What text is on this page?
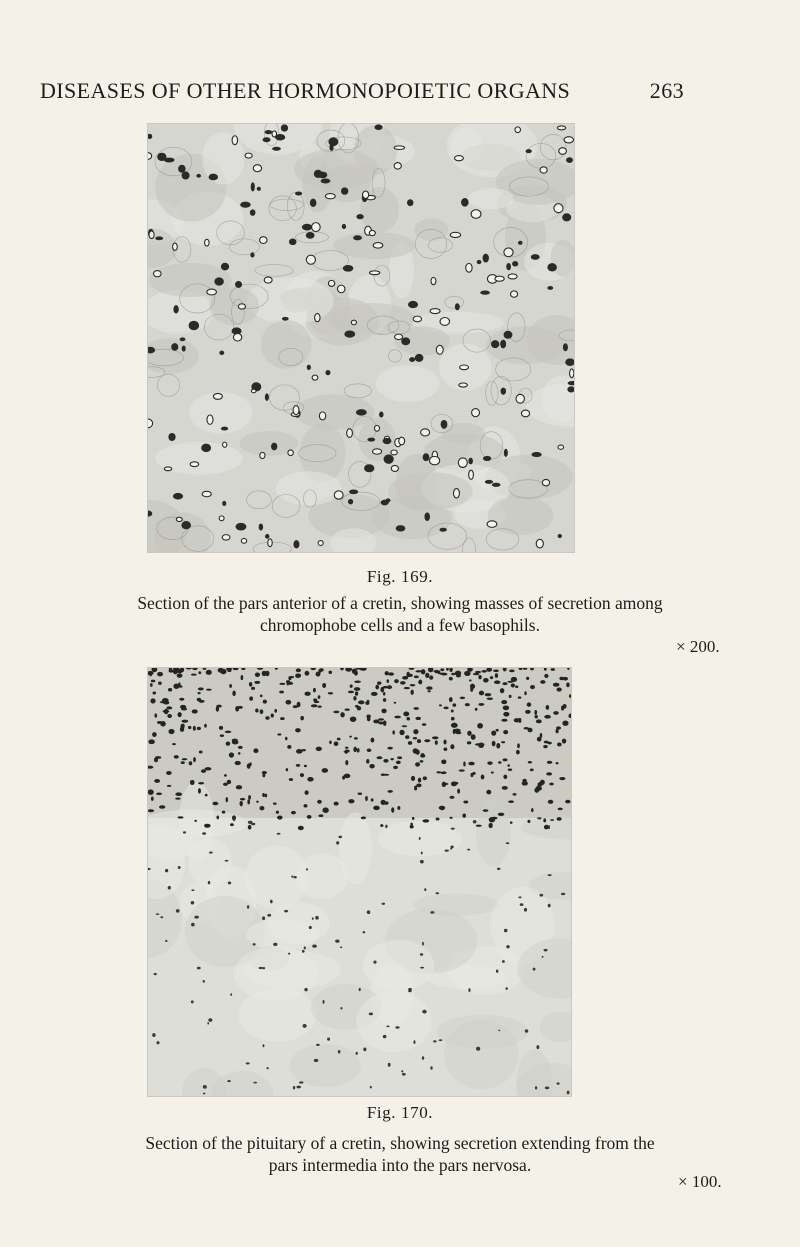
DISEASES OF OTHER HORMONOPOIETIC ORGANS	263
Fig. 169.
Section of the pars anterior of a cretin, showing masses of secretion among
chromophobe cells and a few basophils.
× 200.
Fig. 170.
Section of the pituitary of a cretin, showing secretion extending from the
pars intermedia into the pars nervosa.
× 100.
